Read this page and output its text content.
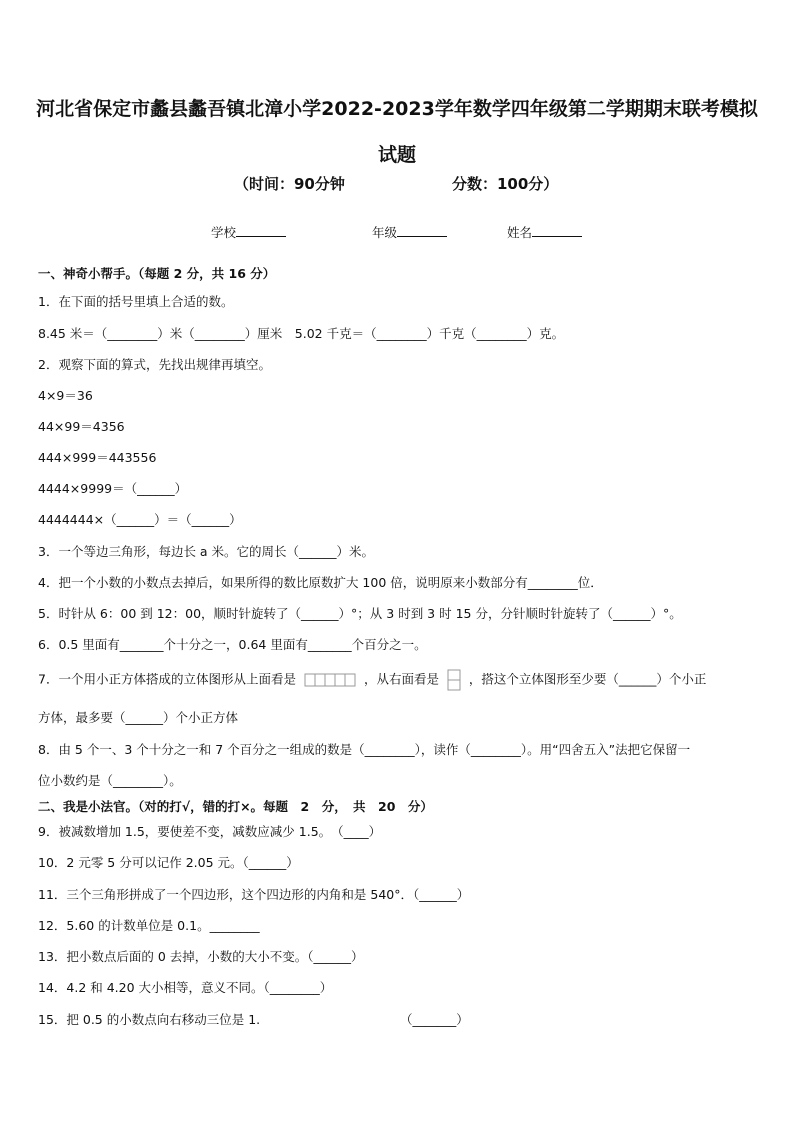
河北省保定市蠡县蠡吾镇北漳小学2022-2023学年数学四年级第二学期期末联考模拟试题
（时间：90分钟	分数：100分）
学校	年级	姓名
一、神奇小帮手。（每题 2 分，共 16 分）
1．在下面的括号里填上合适的数。
8.45 米＝（________）米（________）厘米　5.02 千克＝（________）千克（________）克。
2．观察下面的算式，先找出规律再填空。
4×9＝36
44×99＝4356
444×999＝443556
4444×9999＝（______）
4444444×（______）＝（______）
3．一个等边三角形，每边长 a 米。它的周长（______）米。
4．把一个小数的小数点去掉后，如果所得的数比原数扩大 100 倍，说明原来小数部分有________位．
5．时针从 6：00 到 12：00，顺时针旋转了（______）°；从 3 时到 3 时 15 分，分针顺时针旋转了（______）°。
6．0.5 里面有_______个十分之一，0.64 里面有_______个百分之一。
7．一个用小正方体搭成的立体图形从上面看是	，从右面看是 ，搭这个立体图形至少要（______）个小正
方体，最多要（______）个小正方体
8．由 5 个一、3 个十分之一和 7 个百分之一组成的数是（________），读作（________）。用“四舍五入”法把它保留一
位小数约是（________）。
二、我是小法官。（对的打√，错的打×。每题　2　分，　共　20　分）
9．被减数增加 1.5，要使差不变，减数应减少 1.5。　（____）
10．2 元零 5 分可以记作 2.05 元。（______）
11．三个三角形拼成了一个四边形，这个四边形的内角和是 540°．（______）
12．5.60 的计数单位是 0.1。________
13．把小数点后面的 0 去掉，小数的大小不变。（______）
14．4.2 和 4.20 大小相等，意义不同。（________）
15．把 0.5 的小数点向右移动三位是 1.	（_______）
